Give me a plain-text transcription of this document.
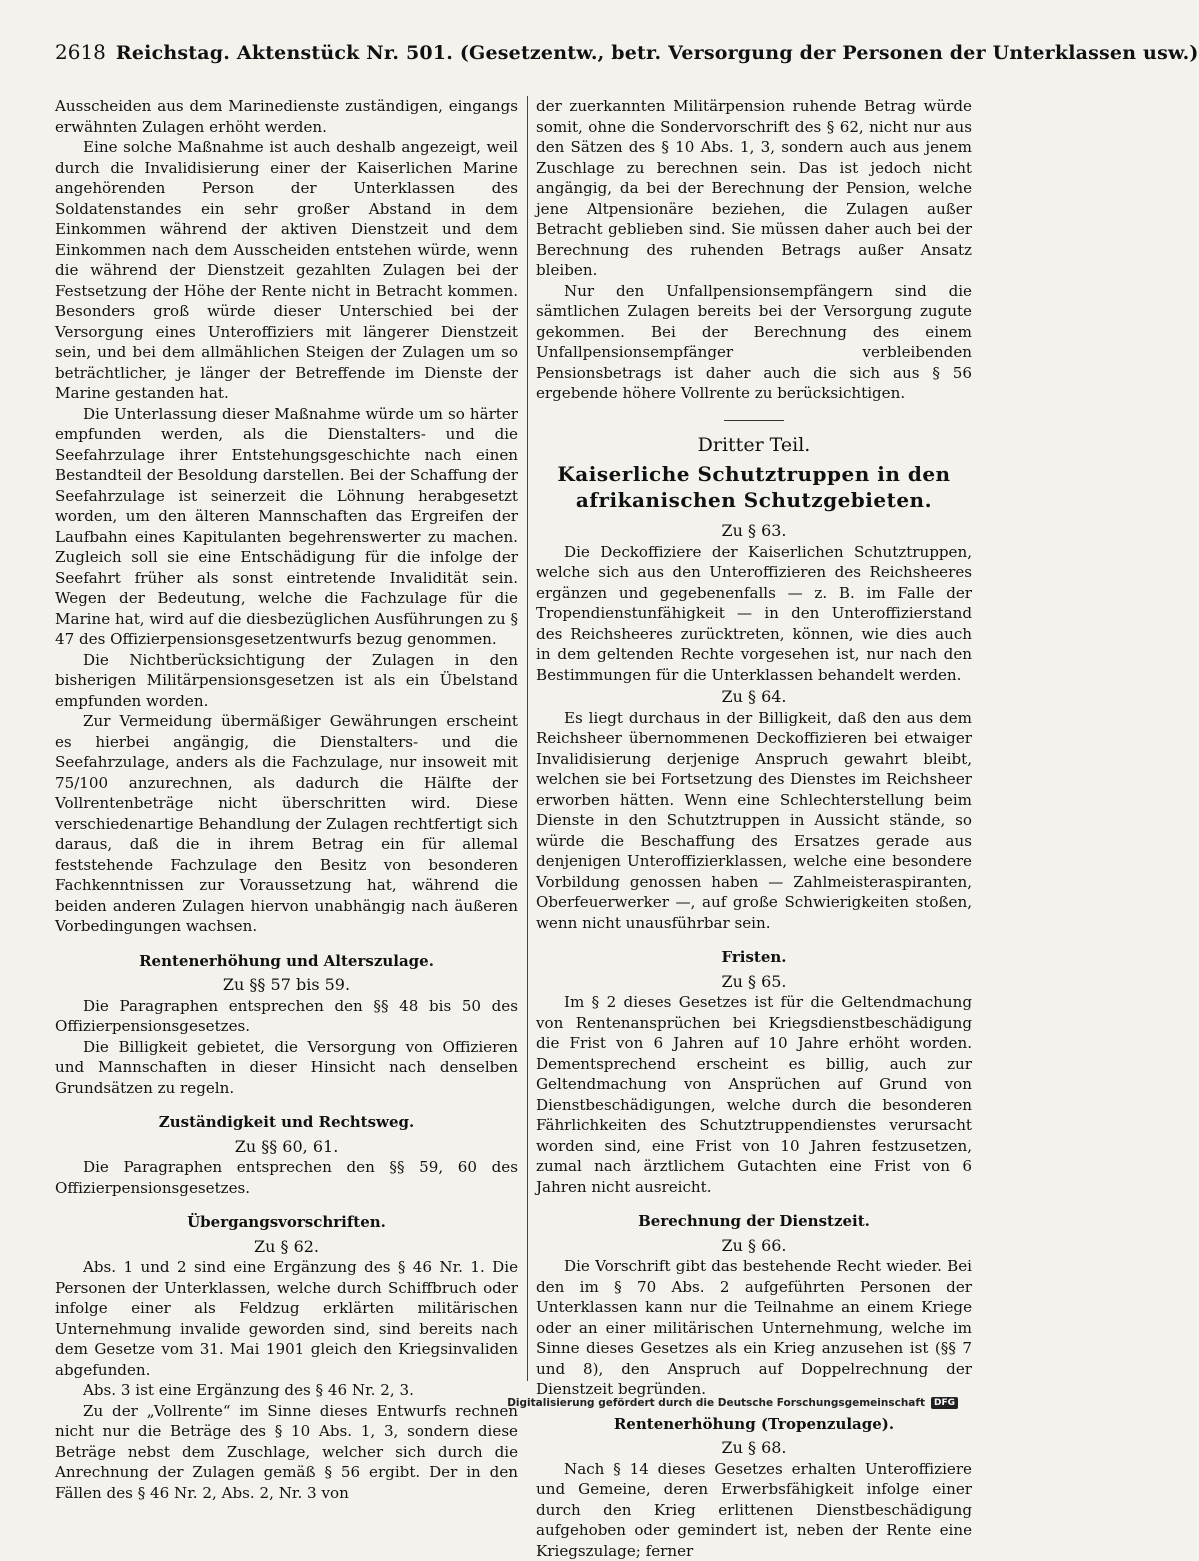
2618 Reichstag. Aktenstück Nr. 501. (Gesetzentw., betr. Versorgung der Personen der Unterklassen usw.)

Ausscheiden aus dem Marinedienste zuständigen, eingangs erwähnten Zulagen erhöht werden.

Eine solche Maßnahme ist auch deshalb angezeigt, weil durch die Invalidisierung einer der Kaiserlichen Marine angehörenden Person der Unterklassen des Soldatenstandes ein sehr großer Abstand in dem Einkommen während der aktiven Dienstzeit und dem Einkommen nach dem Ausscheiden entstehen würde, wenn die während der Dienstzeit gezahlten Zulagen bei der Festsetzung der Höhe der Rente nicht in Betracht kommen. Besonders groß würde dieser Unterschied bei der Versorgung eines Unteroffiziers mit längerer Dienstzeit sein, und bei dem allmählichen Steigen der Zulagen um so beträchtlicher, je länger der Betreffende im Dienste der Marine gestanden hat.

Die Unterlassung dieser Maßnahme würde um so härter empfunden werden, als die Dienstalters- und die Seefahrzulage ihrer Entstehungsgeschichte nach einen Bestandteil der Besoldung darstellen. Bei der Schaffung der Seefahrzulage ist seinerzeit die Löhnung herabgesetzt worden, um den älteren Mannschaften das Ergreifen der Laufbahn eines Kapitulanten begehrenswerter zu machen. Zugleich soll sie eine Entschädigung für die infolge der Seefahrt früher als sonst eintretende Invalidität sein. Wegen der Bedeutung, welche die Fachzulage für die Marine hat, wird auf die diesbezüglichen Ausführungen zu § 47 des Offizierpensionsgesetzentwurfs bezug genommen.

Die Nichtberücksichtigung der Zulagen in den bisherigen Militärpensionsgesetzen ist als ein Übelstand empfunden worden.

Zur Vermeidung übermäßiger Gewährungen erscheint es hierbei angängig, die Dienstalters- und die Seefahrzulage, anders als die Fachzulage, nur insoweit mit 75/100 anzurechnen, als dadurch die Hälfte der Vollrentenbeträge nicht überschritten wird. Diese verschiedenartige Behandlung der Zulagen rechtfertigt sich daraus, daß die in ihrem Betrag ein für allemal feststehende Fachzulage den Besitz von besonderen Fachkenntnissen zur Voraussetzung hat, während die beiden anderen Zulagen hiervon unabhängig nach äußeren Vorbedingungen wachsen.

Rentenerhöhung und Alterszulage.
Zu §§ 57 bis 59.

Die Paragraphen entsprechen den §§ 48 bis 50 des Offizierpensionsgesetzes.

Die Billigkeit gebietet, die Versorgung von Offizieren und Mannschaften in dieser Hinsicht nach denselben Grundsätzen zu regeln.

Zuständigkeit und Rechtsweg.
Zu §§ 60, 61.

Die Paragraphen entsprechen den §§ 59, 60 des Offizierpensionsgesetzes.

Übergangsvorschriften.
Zu § 62.

Abs. 1 und 2 sind eine Ergänzung des § 46 Nr. 1. Die Personen der Unterklassen, welche durch Schiffbruch oder infolge einer als Feldzug erklärten militärischen Unternehmung invalide geworden sind, sind bereits nach dem Gesetze vom 31. Mai 1901 gleich den Kriegsinvaliden abgefunden.

Abs. 3 ist eine Ergänzung des § 46 Nr. 2, 3.

Zu der „Vollrente“ im Sinne dieses Entwurfs rechnen nicht nur die Beträge des § 10 Abs. 1, 3, sondern diese Beträge nebst dem Zuschlage, welcher sich durch die Anrechnung der Zulagen gemäß § 56 ergibt. Der in den Fällen des § 46 Nr. 2, Abs. 2, Nr. 3 von

der zuerkannten Militärpension ruhende Betrag würde somit, ohne die Sondervorschrift des § 62, nicht nur aus den Sätzen des § 10 Abs. 1, 3, sondern auch aus jenem Zuschlage zu berechnen sein. Das ist jedoch nicht angängig, da bei der Berechnung der Pension, welche jene Altpensionäre beziehen, die Zulagen außer Betracht geblieben sind. Sie müssen daher auch bei der Berechnung des ruhenden Betrags außer Ansatz bleiben.

Nur den Unfallpensionsempfängern sind die sämtlichen Zulagen bereits bei der Versorgung zugute gekommen. Bei der Berechnung des einem Unfallpensionsempfänger verbleibenden Pensionsbetrags ist daher auch die sich aus § 56 ergebende höhere Vollrente zu berücksichtigen.

Dritter Teil.
Kaiserliche Schutztruppen in den afrikanischen Schutzgebieten.
Zu § 63.

Die Deckoffiziere der Kaiserlichen Schutztruppen, welche sich aus den Unteroffizieren des Reichsheeres ergänzen und gegebenenfalls — z. B. im Falle der Tropendienstunfähigkeit — in den Unteroffizierstand des Reichsheeres zurücktreten, können, wie dies auch in dem geltenden Rechte vorgesehen ist, nur nach den Bestimmungen für die Unterklassen behandelt werden.

Zu § 64.

Es liegt durchaus in der Billigkeit, daß den aus dem Reichsheer übernommenen Deckoffizieren bei etwaiger Invalidisierung derjenige Anspruch gewahrt bleibt, welchen sie bei Fortsetzung des Dienstes im Reichsheer erworben hätten. Wenn eine Schlechterstellung beim Dienste in den Schutztruppen in Aussicht stände, so würde die Beschaffung des Ersatzes gerade aus denjenigen Unteroffizierklassen, welche eine besondere Vorbildung genossen haben — Zahlmeisteraspiranten, Oberfeuerwerker —, auf große Schwierigkeiten stoßen, wenn nicht unausführbar sein.

Fristen.
Zu § 65.

Im § 2 dieses Gesetzes ist für die Geltendmachung von Rentenansprüchen bei Kriegsdienstbeschädigung die Frist von 6 Jahren auf 10 Jahre erhöht worden. Dementsprechend erscheint es billig, auch zur Geltendmachung von Ansprüchen auf Grund von Dienstbeschädigungen, welche durch die besonderen Fährlichkeiten des Schutztruppendienstes verursacht worden sind, eine Frist von 10 Jahren festzusetzen, zumal nach ärztlichem Gutachten eine Frist von 6 Jahren nicht ausreicht.

Berechnung der Dienstzeit.
Zu § 66.

Die Vorschrift gibt das bestehende Recht wieder. Bei den im § 70 Abs. 2 aufgeführten Personen der Unterklassen kann nur die Teilnahme an einem Kriege oder an einer militärischen Unternehmung, welche im Sinne dieses Gesetzes als ein Krieg anzusehen ist (§§ 7 und 8), den Anspruch auf Doppelrechnung der Dienstzeit begründen.

Rentenerhöhung (Tropenzulage).
Zu § 68.

Nach § 14 dieses Gesetzes erhalten Unteroffiziere und Gemeine, deren Erwerbsfähigkeit infolge einer durch den Krieg erlittenen Dienstbeschädigung aufgehoben oder gemindert ist, neben der Rente eine Kriegszulage; ferner

Digitalisierung gefördert durch die Deutsche Forschungsgemeinschaft	DFG
